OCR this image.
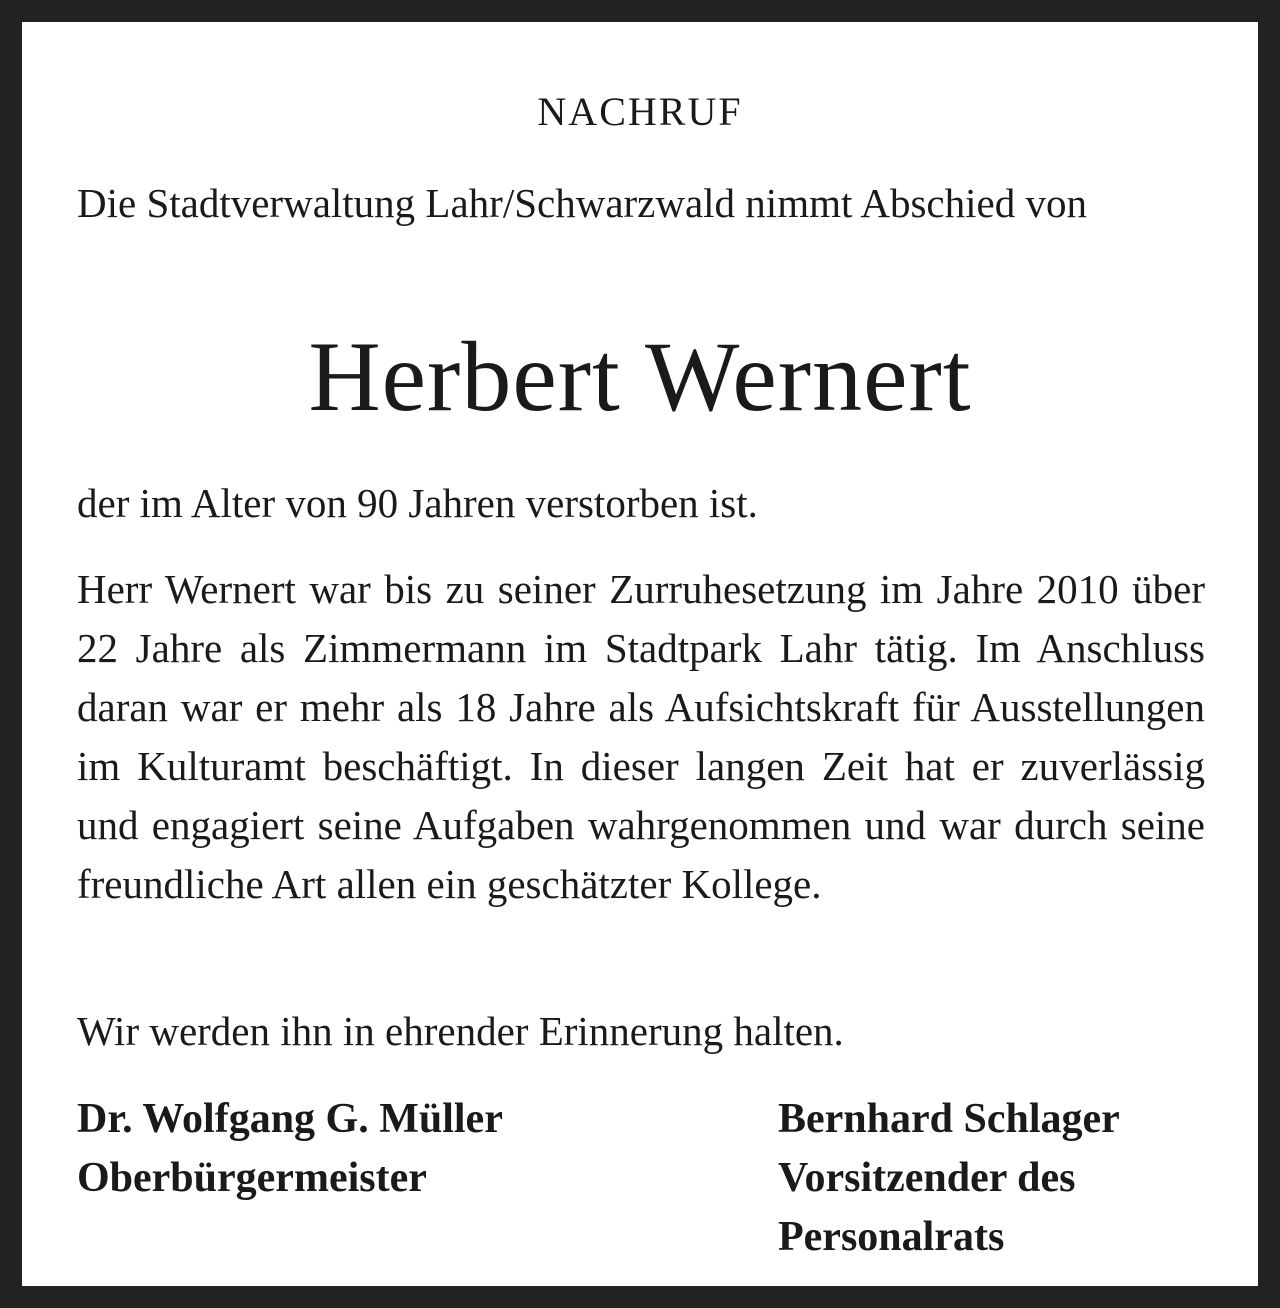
NACHRUF
Die Stadtverwaltung Lahr/Schwarzwald nimmt Abschied von
Herbert Wernert
der im Alter von 90 Jahren verstorben ist.
Herr Wernert war bis zu seiner Zurruhesetzung im Jahre 2010 über 22 Jahre als Zimmermann im Stadtpark Lahr tätig. Im Anschluss daran war er mehr als 18 Jahre als Aufsichtskraft für Ausstellungen im Kulturamt beschäftigt. In dieser langen Zeit hat er zuverlässig und engagiert seine Aufgaben wahrgenommen und war durch seine freundliche Art allen ein geschätzter Kollege.
Wir werden ihn in ehrender Erinnerung halten.
Dr. Wolfgang G. Müller
Oberbürgermeister
Bernhard Schlager
Vorsitzender des
Personalrats
